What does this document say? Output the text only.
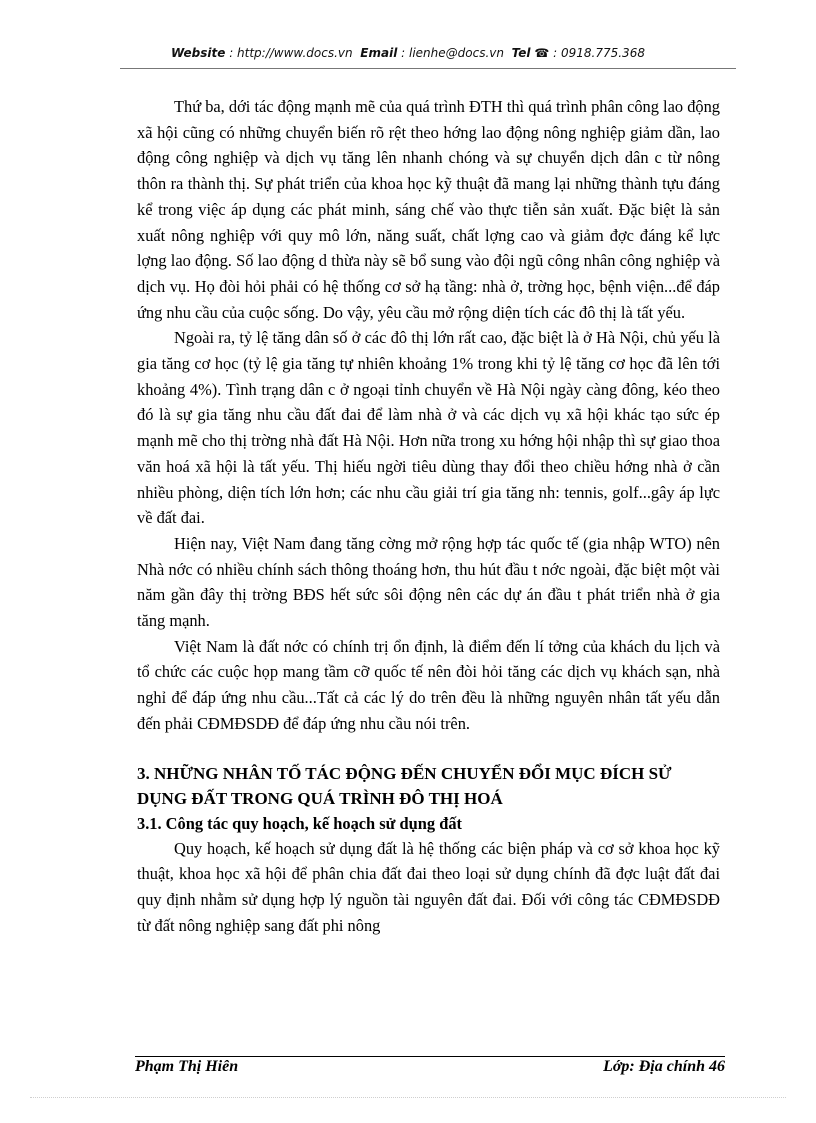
Website : http://www.docs.vn Email : lienhe@docs.vn Tel ☎ : 0918.775.368

Thứ ba, dới tác động mạnh mẽ của quá trình ĐTH thì quá trình phân công lao động xã hội cũng có những chuyển biến rõ rệt theo hớng lao động nông nghiệp giảm dần, lao động công nghiệp và dịch vụ tăng lên nhanh chóng và sự chuyển dịch dân c từ nông thôn ra thành thị. Sự phát triển của khoa học kỹ thuật đã mang lại những thành tựu đáng kể trong việc áp dụng các phát minh, sáng chế vào thực tiễn sản xuất. Đặc biệt là sản xuất nông nghiệp với quy mô lớn, năng suất, chất lợng cao và giảm đợc đáng kể lực lợng lao động. Số lao động d thừa này sẽ bổ sung vào đội ngũ công nhân công nghiệp và dịch vụ. Họ đòi hỏi phải có hệ thống cơ sở hạ tầng: nhà ở, trờng học, bệnh viện...để đáp ứng nhu cầu của cuộc sống. Do vậy, yêu cầu mở rộng diện tích các đô thị là tất yếu.

Ngoài ra, tỷ lệ tăng dân số ở các đô thị lớn rất cao, đặc biệt là ở Hà Nội, chủ yếu là gia tăng cơ học (tỷ lệ gia tăng tự nhiên khoảng 1% trong khi tỷ lệ tăng cơ học đã lên tới khoảng 4%). Tình trạng dân c ở ngoại tỉnh chuyển về Hà Nội ngày càng đông, kéo theo đó là sự gia tăng nhu cầu đất đai để làm nhà ở và các dịch vụ xã hội khác tạo sức ép mạnh mẽ cho thị trờng nhà đất Hà Nội. Hơn nữa trong xu hớng hội nhập thì sự giao thoa văn hoá xã hội là tất yếu. Thị hiếu ngời tiêu dùng thay đổi theo chiều hớng nhà ở cần nhiều phòng, diện tích lớn hơn; các nhu cầu giải trí gia tăng nh: tennis, golf...gây áp lực về đất đai.

Hiện nay, Việt Nam đang tăng cờng mở rộng hợp tác quốc tế (gia nhập WTO) nên Nhà nớc có nhiều chính sách thông thoáng hơn, thu hút đầu t nớc ngoài, đặc biệt một vài năm gần đây thị trờng BĐS hết sức sôi động nên các dự án đầu t phát triển nhà ở gia tăng mạnh.

Việt Nam là đất nớc có chính trị ổn định, là điểm đến lí tởng của khách du lịch và tổ chức các cuộc họp mang tầm cỡ quốc tế nên đòi hỏi tăng các dịch vụ khách sạn, nhà nghỉ để đáp ứng nhu cầu...Tất cả các lý do trên đều là những nguyên nhân tất yếu dẫn đến phải CĐMĐSDĐ để đáp ứng nhu cầu nói trên.

3. NHỮNG NHÂN TỐ TÁC ĐỘNG ĐẾN CHUYỂN ĐỔI MỤC ĐÍCH SỬ DỤNG ĐẤT TRONG QUÁ TRÌNH ĐÔ THỊ HOÁ
3.1. Công tác quy hoạch, kế hoạch sử dụng đất

Quy hoạch, kế hoạch sử dụng đất là hệ thống các biện pháp và cơ sở khoa học kỹ thuật, khoa học xã hội để phân chia đất đai theo loại sử dụng chính đã đợc luật đất đai quy định nhằm sử dụng hợp lý nguồn tài nguyên đất đai. Đối với công tác CĐMĐSDĐ từ đất nông nghiệp sang đất phi nông

Phạm Thị Hiên	Lớp: Địa chính 46
